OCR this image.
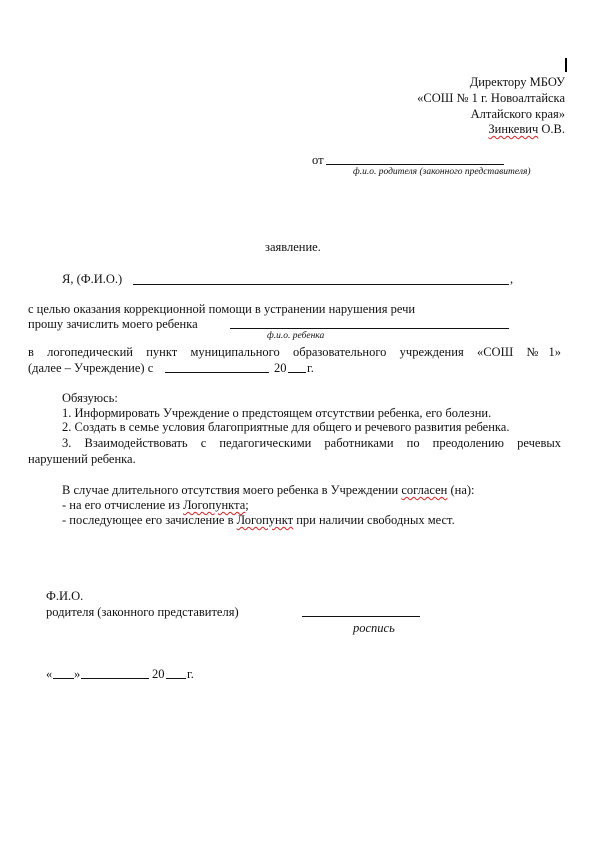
Директору МБОУ
«СОШ № 1 г. Новоалтайска
Алтайского края»
Зинкевич О.В.
от
ф.и.о. родителя (законного представителя)
заявление.
Я, (Ф.И.О.)	,
с целью оказания коррекционной помощи в устранении нарушения речи
прошу зачислить моего ребенка
ф.и.о. ребенка
в логопедический пункт муниципального образовательного учреждения «СОШ №1»
(далее – Учреждение) с	20 г.
Обязуюсь:
1. Информировать Учреждение о предстоящем отсутствии ребенка, его болезни.
2. Создать в семье условия благоприятные для общего и речевого развития ребенка.
3. Взаимодействовать с педагогическими работниками по преодолению речевых
нарушений ребенка.
В случае длительного отсутствия моего ребенка в Учреждении согласен (на):
- на его отчисление из Логопункта;
- последующее его зачисление в Логопункт при наличии свободных мест.
Ф.И.О.
родителя (законного представителя)
роспись
« »	20 г.
